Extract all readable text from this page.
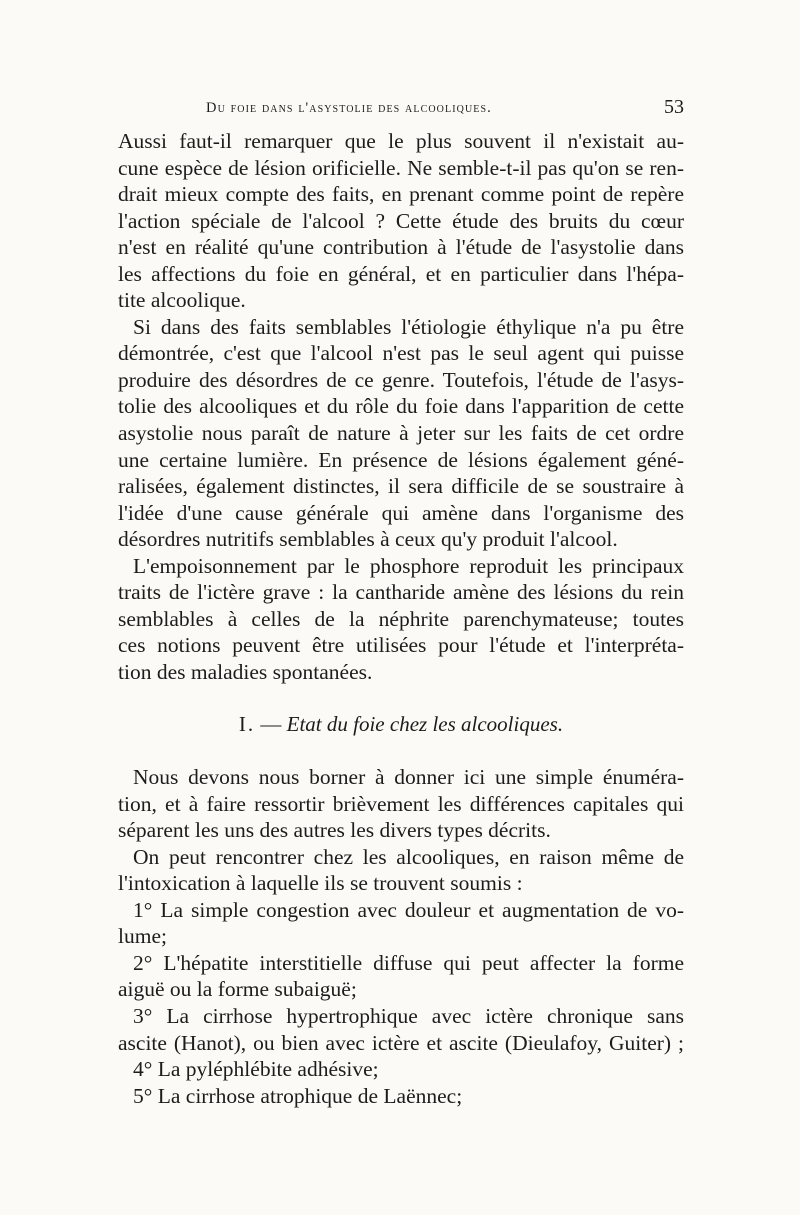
Du foie dans l'asystolie des alcooliques.	53

Aussi faut-il remarquer que le plus souvent il n'existait au-
cune espèce de lésion orificielle. Ne semble-t-il pas qu'on se ren-
drait mieux compte des faits, en prenant comme point de repère
l'action spéciale de l'alcool ? Cette étude des bruits du cœur
n'est en réalité qu'une contribution à l'étude de l'asystolie dans
les affections du foie en général, et en particulier dans l'hépa-
tite alcoolique.

Si dans des faits semblables l'étiologie éthylique n'a pu être
démontrée, c'est que l'alcool n'est pas le seul agent qui puisse
produire des désordres de ce genre. Toutefois, l'étude de l'asys-
tolie des alcooliques et du rôle du foie dans l'apparition de cette
asystolie nous paraît de nature à jeter sur les faits de cet ordre
une certaine lumière. En présence de lésions également géné-
ralisées, également distinctes, il sera difficile de se soustraire à
l'idée d'une cause générale qui amène dans l'organisme des
désordres nutritifs semblables à ceux qu'y produit l'alcool.

L'empoisonnement par le phosphore reproduit les principaux
traits de l'ictère grave : la cantharide amène des lésions du rein
semblables à celles de la néphrite parenchymateuse; toutes
ces notions peuvent être utilisées pour l'étude et l'interpréta-
tion des maladies spontanées.

I. — Etat du foie chez les alcooliques.

Nous devons nous borner à donner ici une simple énuméra-
tion, et à faire ressortir brièvement les différences capitales qui
séparent les uns des autres les divers types décrits.

On peut rencontrer chez les alcooliques, en raison même de
l'intoxication à laquelle ils se trouvent soumis :

1° La simple congestion avec douleur et augmentation de vo-
lume;

2° L'hépatite interstitielle diffuse qui peut affecter la forme
aiguë ou la forme subaiguë;

3° La cirrhose hypertrophique avec ictère chronique sans
ascite (Hanot), ou bien avec ictère et ascite (Dieulafoy, Guiter) ;

4° La pyléphlébite adhésive;

5° La cirrhose atrophique de Laënnec;
